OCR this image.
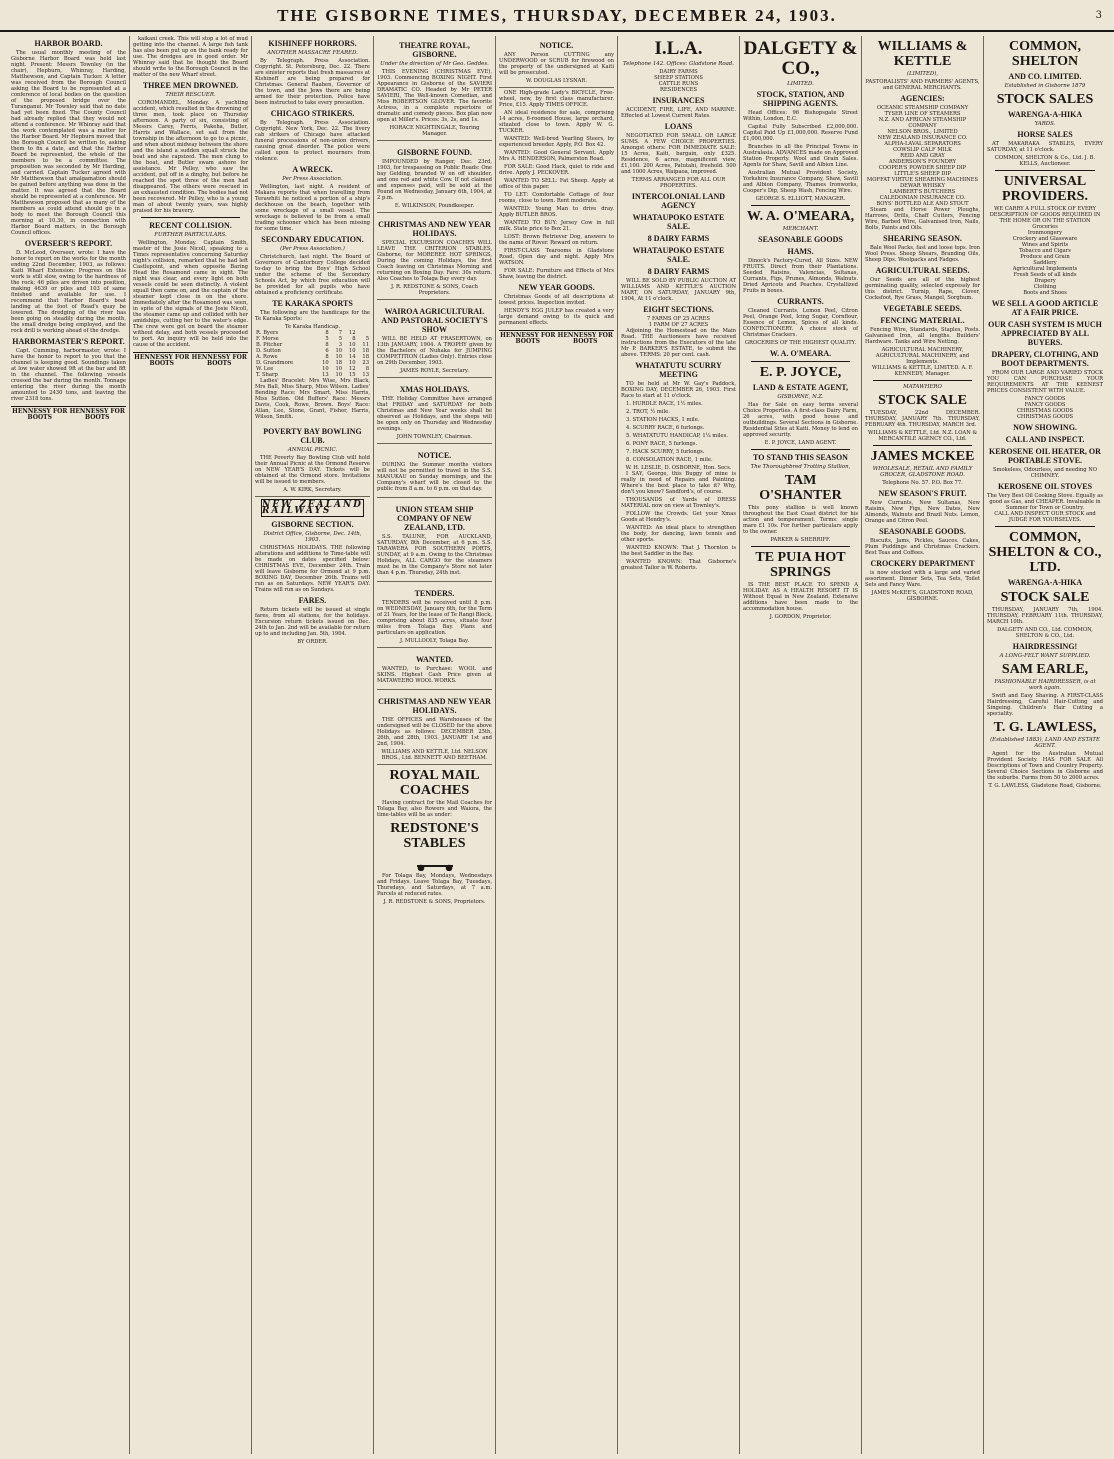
THE GISBORNE TIMES, THURSDAY, DECEMBER 24, 1903.	3
HARBOR BOARD.

The usual monthly meeting of the Gisborne Harbor Board was held last night. Present: Messrs Townley (in the chair), Hepburn, Whinray, Harding, Matthewson, and Captain Tucker. A letter was received from the Borough Council asking the Board to be represented at a conference of local bodies on the question of the proposed bridge over the Turanganui. Mr Townley said that no date had yet been fixed. The County Council had already replied that they would not attend a conference. Mr Whinray said that the work contemplated was a matter for the Harbor Board. Mr Hepburn moved that the Borough Council be written to, asking them to fix a date, and that the Harbor Board be represented, the whole of the members to be a committee. The proposition was seconded by Mr Harding, and carried. Captain Tucker agreed with Mr Matthewson that amalgamation should be gained before anything was done in the matter. It was agreed that the Board should be represented at a conference. Mr Matthewson proposed that as many of the members as could attend should go in a body to meet the Borough Council this morning at 10.30, in connection with Harbor Board matters, in the Borough Council offices.

OVERSEER'S REPORT.

D. McLeod, Overseer, wrote: I have the honor to report on the works for the month ending 22nd December, 1903, as follows: Kaiti Wharf Extension: Progress on this work is still slow, owing to the hardness of the rock; 46 piles are driven into position, making 4639 or piles and 103 of same finished and available for use. I recommend that Harbor Board's boat landing at the foot of Read's quay be lowered. The dredging of the river has been going on steadily during the month, the small dredge being employed, and the rock drill is working ahead of the dredge.

HARBORMASTER'S REPORT.

Capt. Cumming, harbormaster, wrote: I have the honor to report to you that the channel is keeping good. Soundings taken at low water showed 9ft at the bar and 8ft in the channel. The following vessels crossed the bar during the month. Tonnage entering the river during the month amounted to 2430 tons, and leaving the river 2318 tons.

HENNESSY FOR BOOTS
HENNESSY FOR BOOTS

kaikani creek. This will stop a lot of mud getting into the channel. A large fish tank has also been put up on the bank ready for use. The dredges are in good order. Mr Whinray said that he thought the Board should write to the Borough Council in the matter of the new Wharf street.

THREE MEN DROWNED.
THEIR RESCUER.

COROMANDEL, Monday. A yachting accident, which resulted in the drowning of three men, took place on Thursday afternoon. A party of six, consisting of Messrs Carey, Ferris, Pakeha, Butler, Harris and Wallace, set sail from the township in the afternoon to go to a picnic, and when about midway between the shore and the island a sudden squall struck the boat and she capsized. The men clung to the boat, and Butler swam ashore for assistance. Mr Pelley, who saw the accident, put off in a dinghy, but before he reached the spot three of the men had disappeared. The others were rescued in an exhausted condition. The bodies had not been recovered. Mr Pelley, who is a young man of about twenty years, was highly praised for his bravery.

RECENT COLLISION.
FURTHER PARTICULARS.

Wellington, Monday. Captain Smith, master of the Josie Nicoll, speaking to a Times representative concerning Saturday night's collision, remarked that he had left Castlepoint, and when opposite Baring Head the Rosamond came in sight. The night was clear, and every light on both vessels could be seen distinctly. A violent squall then came on, and the captain of the steamer kept close in on the shore. Immediately after the Rosamond was seen, in spite of the signals of the Josie Nicoll, the steamer came up and collided with her amidships, cutting her to the water's edge. The crew were got on board the steamer without delay, and both vessels proceeded to port. An inquiry will be held into the cause of the accident.

HENNESSY FOR BOOTS
HENNESSY FOR BOOTS
KISHINEFF HORRORS.
ANOTHER MASSACRE FEARED.

By Telegraph. Press Association. Copyright. St. Petersburg, Dec. 22. There are sinister reports that fresh massacres at Kishineff are being prepared for Christmas. General Raaben, Governor of the town, and the Jews there are being armed for their protection. Police have been instructed to take every precaution.

CHICAGO STRIKERS.

By Telegraph. Press Association. Copyright. New York, Dec. 22. The livery cab strikers of Chicago have attacked funeral processions of non-union drivers, causing great disorder. The police were called upon to protect mourners from violence.

A WRECK.
Per Press Association.

Wellington, last night. A resident of Makara reports that when travelling from Terawhiti he noticed a portion of a ship's deckhouse on the beach, together with some wreckage of a small vessel. The wreckage is believed to be from a small trading schooner which has been missing for some time.

SECONDARY EDUCATION.
(Per Press Association.)

Christchurch, last night. The Board of Governors of Canterbury College decided to-day to bring the Boys' High School under the scheme of the Secondary Schools Act, by which free education will be provided for all pupils who have obtained a proficiency certificate.

TE KARAKA SPORTS

The following are the handicaps for the Te Karaka Sports:

Te Karaka Handicap.
R. Byers	8	7	12	
F. Morse	5	5	8	5
B. Pitcher	8	3	10	11
D. Sutton	6	10	10	18
A. Rowe	8	10	14	18
D. Grandmore	10	18	10	23
W. Lee	10	10	12	8
T. Sharp	13	10	15	13

Ladies' Bracelet: Mrs Wise, Mrs Black, Mrs Ball, Miss Sharp, Miss Wilson. Ladies' Bending Race: Mrs Smart, Miss Harris, Miss Sutton. Old Buffers' Race: Messrs Davis, Cook, Rowe, Brown. Boys' Race: Allan, Lee, Stone, Grant, Fisher, Harris, Wilson, Smith.

POVERTY BAY BOWLING CLUB.
ANNUAL PICNIC.

THE Poverty Bay Bowling Club will hold their Annual Picnic at the Ormond Reserve on NEW YEAR'S DAY. Tickets will be obtained at the Ormond store. Invitations will be issued to members.

A. W. KIRK, Secretary.
NEW ZEALAND RAILWAYS
GISBORNE SECTION.
District Office, Gisborne, Dec. 14th, 1903.

CHRISTMAS HOLIDAYS. THE following alterations and additions to Time-table will be made on dates specified below: CHRISTMAS EVE, December 24th. Train will leave Gisborne for Ormond at 9 p.m. BOXING DAY, December 26th. Trains will run as on Saturdays. NEW YEAR'S DAY. Trains will run as on Sundays.

FARES.

Return tickets will be issued at single fares, from all stations, for the holidays. Excursion return tickets issued on Dec. 24th to Jan. 2nd will be available for return up to and including Jan. 5th, 1904.

BY ORDER.
THEATRE ROYAL, GISBORNE.
Under the direction of Mr Geo. Geddes.

THIS EVENING (CHRISTMAS EVE), 1903. Commencing BOXING NIGHT. First Appearance in Gisborne of the SAVIERI DRAMATIC CO. Headed by Mr PETER SAVIERI, The Well-known Comedian, and Miss ROBERTSON GLOVER. The favorite Actress, in a complete repertoire of dramatic and comedy pieces. Box plan now open at Miller's. Prices: 3s, 2s, and 1s.

HORACE NIGHTINGALE, Touring Manager.
GISBORNE FOUND.

IMPOUNDED by Ranger, Dec. 23rd, 1903, for trespassing on Public Roads: One bay Gelding, branded W on off shoulder, and one red and white Cow. If not claimed and expenses paid, will be sold at the Pound on Wednesday, January 6th, 1904, at 2 p.m.

E. WILKINSON, Poundkeeper.
CHRISTMAS AND NEW YEAR HOLIDAYS.

SPECIAL EXCURSION COACHES WILL LEAVE THE CRITERION STABLES, Gisborne, for MOREREE HOT SPRINGS, During the coming Holidays, the first Coach leaving on Christmas Morning and returning on Boxing Day. Fare: 30s return. Also Coaches to Tolaga Bay every day.

J. R. REDSTONE & SONS, Coach Proprietors.
WAIROA AGRICULTURAL AND PASTORAL SOCIETY'S SHOW

WILL BE HELD AT FRASERTOWN, on 13th JANUARY, 1904. A TROPHY given by the Bachelors of Nuhaka for JUMPING COMPETITION (Ladies Only). Entries close on 29th December, 1903.

JAMES ROYLE, Secretary.
XMAS HOLIDAYS.

THE Holiday Committee have arranged that FRIDAY and SATURDAY for both Christmas and New Year weeks shall be observed as Holidays, and the shops will be open only on Thursday and Wednesday evenings.

JOHN TOWNLEY, Chairman.
NOTICE.

DURING the Summer months visitors will not be permitted to travel in the S.S. MANUKAU on Sunday mornings, and the Company's wharf will be closed to the public from 8 a.m. to 6 p.m. on that day.

UNION STEAM SHIP COMPANY OF NEW ZEALAND, LTD.

S.S. TALUNE, FOR AUCKLAND, SATURDAY, 8th December, at 6 p.m. S.S. TARAWERA FOR SOUTHERN PORTS, SUNDAY, at 9 a.m. Owing to the Christmas Holidays, ALL CARGO for the steamers must be in the Company's Store not later than 4 p.m. Thursday, 24th inst.

TENDERS.

TENDERS will be received until 8 p.m. on WEDNESDAY, January 6th, for the Term of 21 Years, for the lease of Te Rangi Block, comprising about 835 acres, situate four miles from Tolaga Bay. Plans and particulars on application.

J. MULLOOLY, Tolaga Bay.
WANTED.

WANTED, to Purchase: WOOL and SKINS. Highest Cash Price given at MATAWEERO WOOL WORKS.

CHRISTMAS AND NEW YEAR HOLIDAYS.

THE OFFICES and Warehouses of the undersigned will be CLOSED for the above Holidays as follows: DECEMBER 25th, 26th, and 28th, 1903. JANUARY 1st and 2nd, 1904.

WILLIAMS AND KETTLE, Ltd. NELSON BROS., Ltd. BENNETT AND BEETHAM.
ROYAL MAIL COACHES

Having contract for the Mail Coaches for Tolaga Bay, also Rowers and Waiora, the time-tables will be as under:

REDSTONE'S STABLES

For Tolaga Bay, Mondays, Wednesdays and Fridays. Leave Tolaga Bay, Tuesdays, Thursdays, and Saturdays, at 7 a.m. Parcels at reduced rates.

J. R. REDSTONE & SONS, Proprietors.
NOTICE.

ANY Person CUTTING any UNDERWOOD or SCRUB for firewood on the property of the undersigned at Kaiti will be prosecuted.

W. DOUGLAS LYSNAR.
ONE High-grade Lady's BICYCLE, Free-wheel, new, by first class manufacturer. Price, £15. Apply TIMES OFFICE.
AN ideal residence for sale, comprising 14 acres, 6-roomed House, large orchard, situated close to town. Apply W. G. TUCKER.
WANTED: Well-bred Yearling Steers, by experienced breeder. Apply, P.O. Box 42.
WANTED: Good General Servant. Apply Mrs A. HENDERSON, Palmerston Road.
FOR SALE: Good Hack, quiet to ride and drive. Apply J. PECKOVER.
WANTED TO SELL: Fat Sheep. Apply at office of this paper.
TO LET: Comfortable Cottage of four rooms, close to town. Rent moderate.
WANTED: Young Man to drive dray. Apply BUTLER BROS.
WANTED TO BUY: Jersey Cow in full milk. State price to Box 21.
LOST: Brown Retriever Dog, answers to the name of Rover. Reward on return.
FIRST-CLASS Tearooms in Gladstone Road, Open day and night. Apply Mrs WATSON.
FOR SALE: Furniture and Effects of Mrs Shaw, leaving the district.
NEW YEAR GOODS.

Christmas Goods of all descriptions at lowest prices. Inspection invited.

HENDY'S EGG JULEP has created a very large demand owing to its quick and permanent effects.

HENNESSY FOR BOOTS
HENNESSY FOR BOOTS
I.L.A.
Telephone 142. Offices: Gladstone Road.
DAIRY FARMS
SHEEP STATIONS
CATTLE RUNS
RESIDENCES
INSURANCES

ACCIDENT, FIRE, LIFE, AND MARINE. Effected at Lowest Current Rates.

LOANS

NEGOTIATED FOR SMALL OR LARGE SUMS. A FEW CHOICE PROPERTIES. Amongst others: FOR IMMEDIATE SALE: 15 Acres, Kaiti, bargain, only £325. Residence, 6 acres, magnificent view, £1,100. 200 Acres, Patutahi, freehold. 500 and 1000 Acres, Waipaoa, improved.

TERMS ARRANGED FOR ALL OUR PROPERTIES.
INTERCOLONIAL LAND AGENCY
WHATAUPOKO ESTATE SALE.
8 DAIRY FARMS
WHATAUPOKO ESTATE SALE.
8 DAIRY FARMS

WILL BE SOLD BY PUBLIC AUCTION AT WILLIAMS AND KETTLE'S AUCTION MART, ON SATURDAY, JANUARY 9th, 1904, At 11 o'clock.

EIGHT SECTIONS.
7 FARMS OF 25 ACRES
1 FARM OF 27 ACRES

Adjoining the Homestead on the Main Road. THE Auctioneers have received instructions from the Executors of the late Mr P. BARKER'S ESTATE, to submit the above. TERMS: 20 per cent. cash.

WHATATUTU SCURRY MEETING

TO be held at Mr W. Gay's Paddock, BOXING DAY, DECEMBER 26, 1903. First Race to start at 11 o'clock.

1. HURDLE RACE, 1½ miles.
2. TROT, ½ mile.
3. STATION HACKS, 1 mile.
4. SCURRY RACE, 6 furlongs.
5. WHATATUTU HANDICAP, 1¼ miles.
6. PONY RACE, 5 furlongs.
7. HACK SCURRY, 5 furlongs.
8. CONSOLATION RACE, 1 mile.
W. H. LESLIE, D. OSBORNE, Hon. Secs.

I SAY, George, this Buggy of mine is really in need of Repairs and Painting. Where's the best place to take it? Why, don't you know? Sandford's, of course.

THOUSANDS of Yards of DRESS MATERIAL now on view at Townley's.

FOLLOW the Crowds. Get your Xmas Goods at Hendry's.

WANTED: An ideal place to strengthen the body, for dancing, lawn tennis and other sports.

WANTED KNOWN: That J. Thornton is the best Saddler in the Bay.

WANTED KNOWN: That Gisborne's greatest Tailor is W. Roberts.

DALGETY & CO.,
LIMITED.
STOCK, STATION, AND SHIPPING AGENTS.

Head Offices: 96 Bishopsgate Street Within, London, E.C.

Capital Fully Subscribed £2,000,000. Capital Paid Up £1,000,000. Reserve Fund £1,000,000.

Branches in all the Principal Towns in Australasia. ADVANCES made on Approved Station Property. Wool and Grain Sales. Agents for Shaw, Savill and Albion Line.

Australian Mutual Provident Society, Yorkshire Insurance Company, Shaw, Savill and Albion Company, Thames Ironworks, Cooper's Dip, Sheep Wash, Fencing Wire.

GEORGE S. ELLIOTT, MANAGER.
W. A. O'MEARA,
MERCHANT.
SEASONABLE GOODS
HAMS.

Dinock's Factory-Cured, All Sizes. NEW FRUITS. Direct from their Plantations. Seeded Raisins, Valencias, Sultanas, Currants, Figs, Prunes, Almonds, Walnuts. Dried Apricots and Peaches. Crystallized Fruits in boxes.

CURRANTS.

Cleaned Currants, Lemon Peel, Citron Peel, Orange Peel, Icing Sugar, Cornflour, Essence of Lemon, Spices of all kinds. CONFECTIONERY. A choice stock of Christmas Crackers.

GROCERIES OF THE HIGHEST QUALITY.
W. A. O'MEARA.
E. P. JOYCE,
LAND & ESTATE AGENT,
GISBORNE, N.Z.

Has for Sale on easy terms several Choice Properties. A first-class Dairy Farm, 26 acres, with good house and outbuildings. Several Sections in Gisborne. Residential Sites at Kaiti. Money to lend on approved security.

E. P. JOYCE, LAND AGENT.
TO STAND THIS SEASON
The Thoroughbred Trotting Stallion,
TAM O'SHANTER

This pony stallion is well known throughout the East Coast district for his action and temperament. Terms: single mare £1 10s. For further particulars apply to the owner.

PARKER & SHERRIFF.
TE PUIA HOT SPRINGS

IS THE BEST PLACE TO SPEND A HOLIDAY. AS A HEALTH RESORT IT IS Without Equal in New Zealand. Extensive additions have been made to the accommodation house.

J. GORDON, Proprietor.
WILLIAMS & KETTLE
(LIMITED),
PASTORALISTS' AND FARMERS' AGENTS, and GENERAL MERCHANTS.
AGENCIES:
OCEANIC STEAMSHIP COMPANY
TYSER LINE OF STEAMERS
N.Z. AND AFRICAN STEAMSHIP COMPANY
NELSON BROS., LIMITED
NEW ZEALAND INSURANCE CO.
ALPHA-LAVAL SEPARATORS
COWSLIP CALF MILK
REID AND GRAY
ANDERSON'S FOUNDRY
COOPER'S POWDER SHEEP DIP
LITTLE'S SHEEP DIP
MOFFAT VIRTUE SHEARING MACHINES
DEWAR WHISKY
LAMBERT'S BUTCHERS
CALEDONIAN INSURANCE CO.
BOYS' BOTTLED ALE AND STOUT

Steam and Horse Power Ploughs, Harrows, Drills, Chaff Cutters, Fencing Wire, Barbed Wire, Galvanised Iron, Nails, Bolts, Paints and Oils.

SHEARING SEASON.

Bale Wool Packs, fast and loose tops. Iron Wool Press. Sheep Shears, Branding Oils, Sheep Dips. Woolpacks and Fadges.

AGRICULTURAL SEEDS.

Our Seeds are all of the highest germinating quality, selected expressly for this district. Turnip, Rape, Clover, Cocksfoot, Rye Grass, Mangel, Sorghum.

VEGETABLE SEEDS.
FENCING MATERIAL.

Fencing Wire, Standards, Staples, Posts. Galvanised Iron, all lengths. Builders' Hardware. Tanks and Wire Netting.

AGRICULTURAL MACHINERY, AGRICULTURAL MACHINERY, and Implements.
WILLIAMS & KETTLE, LIMITED. A. F. KENNEDY, Manager.
MATAWHERO
STOCK SALE

TUESDAY, 22nd DECEMBER. THURSDAY, JANUARY 7th. THURSDAY, FEBRUARY 4th. THURSDAY, MARCH 3rd.

WILLIAMS & KETTLE, Ltd. N.Z. LOAN & MERCANTILE AGENCY CO., Ltd.
JAMES MCKEE
WHOLESALE, RETAIL AND FAMILY GROCER, GLADSTONE ROAD.
Telephone No. 57. P.O. Box 77.
NEW SEASON'S FRUIT.

New Currants, New Sultanas, New Raisins, New Figs, New Dates, New Almonds, Walnuts and Brazil Nuts. Lemon, Orange and Citron Peel.

SEASONABLE GOODS.

Biscuits, Jams, Pickles, Sauces. Cakes, Plum Puddings and Christmas Crackers. Best Teas and Coffees.

CROCKERY DEPARTMENT

is now stocked with a large and varied assortment. Dinner Sets, Tea Sets, Toilet Sets and Fancy Ware.

JAMES McKEE'S, GLADSTONE ROAD, GISBORNE.
COMMON, SHELTON
AND CO. LIMITED.
Established in Gisborne 1879
STOCK SALES
WARENGA-A-HIKA
YARDS.
HORSE SALES

AT MAKARAKA STABLES, EVERY SATURDAY, at 11 o'clock.

COMMON, SHELTON & Co., Ltd. J. B. KELLS, Auctioneer.
UNIVERSAL PROVIDERS.
WE CARRY A FULL STOCK OF EVERY DESCRIPTION OF GOODS REQUIRED IN THE HOME OR ON THE STATION
Groceries
Ironmongery
Crockery and Glassware
Wines and Spirits
Tobacco and Cigars
Produce and Grain
Saddlery
Agricultural Implements
Fresh Seeds of all kinds
Drapery
Clothing
Boots and Shoes
WE SELL A GOOD ARTICLE AT A FAIR PRICE.
OUR CASH SYSTEM IS MUCH APPRECIATED BY ALL BUYERS.
DRAPERY, CLOTHING, AND BOOT DEPARTMENTS.

FROM OUR LARGE AND VARIED STOCK YOU CAN PURCHASE YOUR REQUIREMENTS AT THE KEENEST PRICES CONSISTENT WITH VALUE.

FANCY GOODS
FANCY GOODS
CHRISTMAS GOODS
CHRISTMAS GOODS
NOW SHOWING.
CALL AND INSPECT.
KEROSENE OIL HEATER, OR PORTABLE STOVE.
Smokeless, Odourless, and needing NO CHIMNEY.
KEROSENE OIL STOVES
The Very Best Oil Cooking Stove. Equally as good as Gas, and CHEAPER. Invaluable in Summer for Town or Country.
CALL AND INSPECT OUR STOCK and JUDGE FOR YOURSELVES.
COMMON, SHELTON & CO., LTD.
WARENGA-A-HIKA
STOCK SALE

THURSDAY, JANUARY 7th, 1904. THURSDAY, FEBRUARY 11th. THURSDAY, MARCH 10th.

DALGETY AND CO., Ltd. COMMON, SHELTON & CO., Ltd.
HAIRDRESSING!
A LONG-FELT WANT SUPPLIED.
SAM EARLE,
FASHIONABLE HAIRDRESSER, is at work again.

Swift and Easy Shaving. A FIRST-CLASS Hairdressing, Careful Hair-Cutting and Singeing. Children's Hair Cutting a speciality.

T. G. LAWLESS,
(Established 1883), LAND AND ESTATE AGENT.

Agent for the Australian Mutual Provident Society. HAS FOR SALE All Descriptions of Town and Country Property. Several Choice Sections in Gisborne and the suburbs. Farms from 50 to 2000 acres.

T. G. LAWLESS, Gladstone Road, Gisborne.
